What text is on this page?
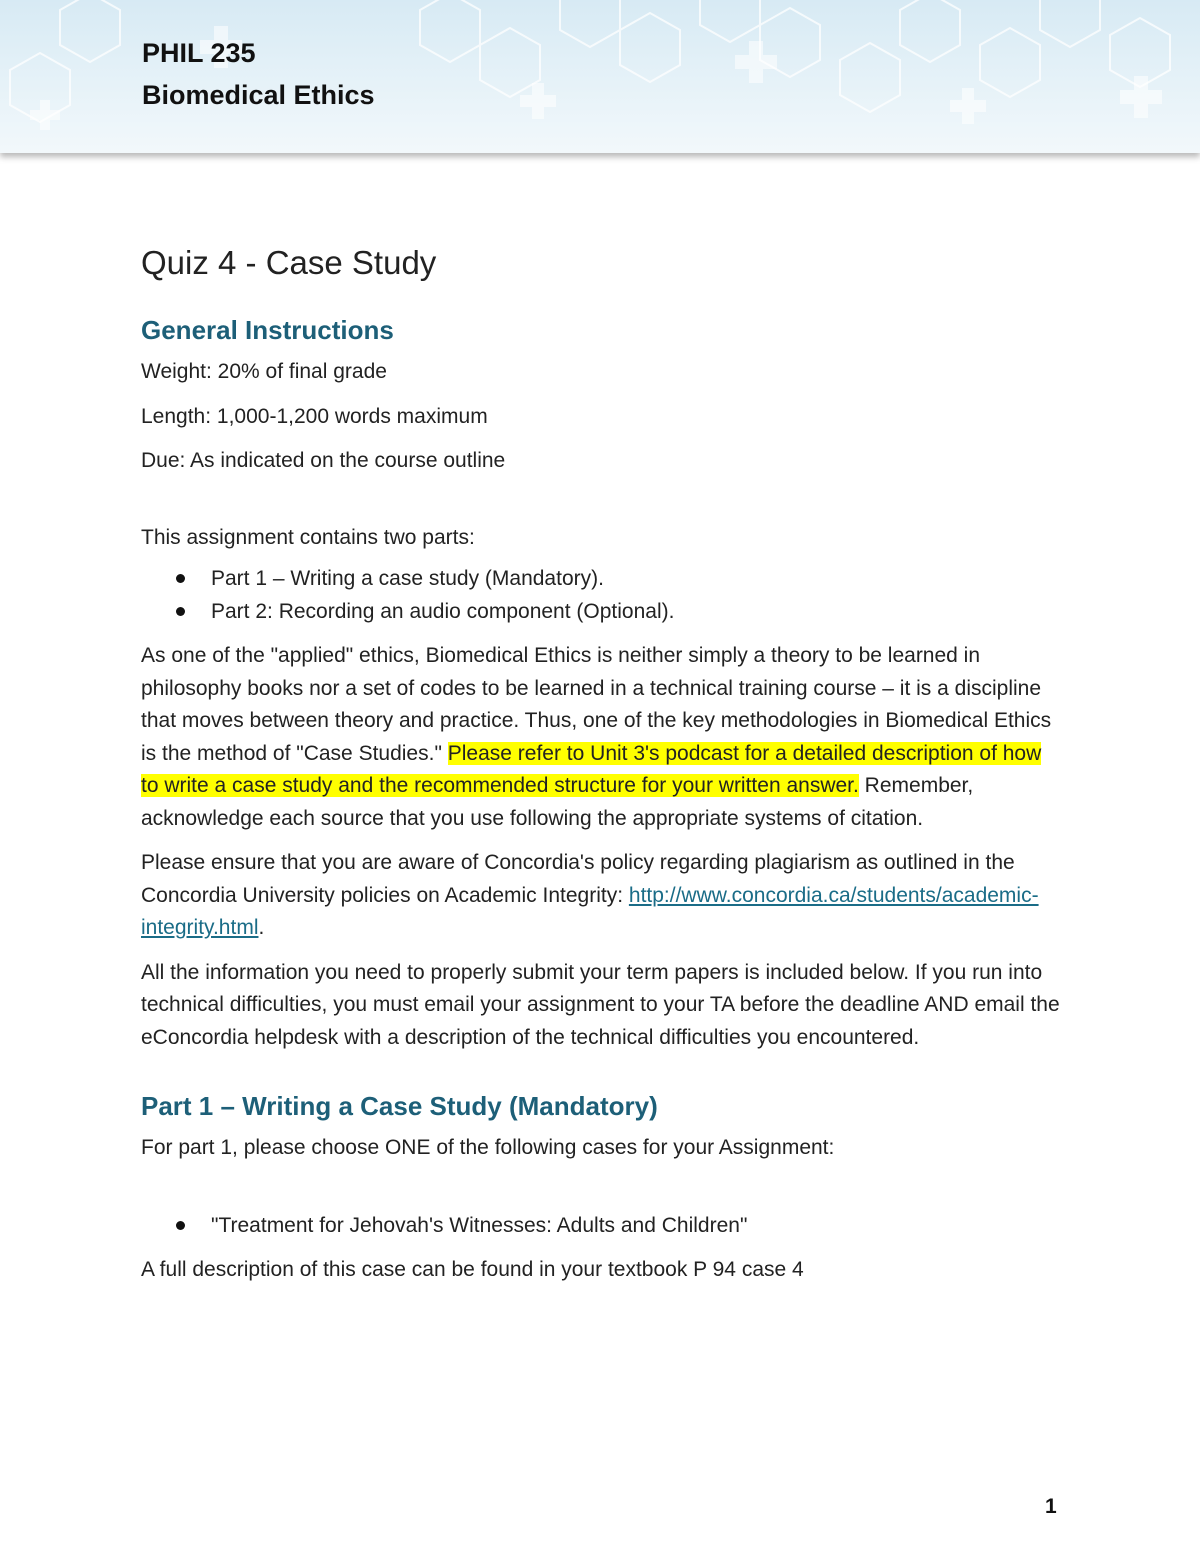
PHIL 235
Biomedical Ethics
Quiz 4 - Case Study
General Instructions

Weight: 20% of final grade

Length: 1,000-1,200 words maximum

Due: As indicated on the course outline

This assignment contains two parts:

Part 1 – Writing a case study (Mandatory).
Part 2: Recording an audio component (Optional).

As one of the "applied" ethics, Biomedical Ethics is neither simply a theory to be learned in philosophy books nor a set of codes to be learned in a technical training course – it is a discipline that moves between theory and practice. Thus, one of the key methodologies in Biomedical Ethics is the method of "Case Studies." Please refer to Unit 3's podcast for a detailed description of how to write a case study and the recommended structure for your written answer. Remember, acknowledge each source that you use following the appropriate systems of citation.

Please ensure that you are aware of Concordia's policy regarding plagiarism as outlined in the Concordia University policies on Academic Integrity: http://www.concordia.ca/students/academic-integrity.html.

All the information you need to properly submit your term papers is included below. If you run into technical difficulties, you must email your assignment to your TA before the deadline AND email the eConcordia helpdesk with a description of the technical difficulties you encountered.

Part 1 – Writing a Case Study (Mandatory)

For part 1, please choose ONE of the following cases for your Assignment:

"Treatment for Jehovah's Witnesses: Adults and Children"

A full description of this case can be found in your textbook P 94 case 4

1
